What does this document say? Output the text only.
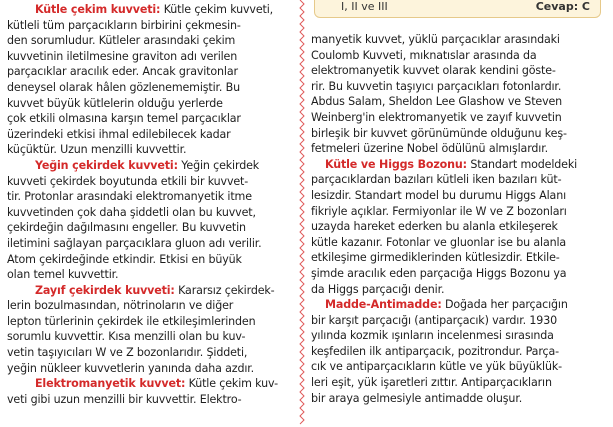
I, II ve III	Cevap: C
Kütle çekim kuvveti: Kütle çekim kuvveti,
kütleli tüm parçacıkların birbirini çekmesin-
den sorumludur. Kütleler arasındaki çekim
kuvvetinin iletilmesine graviton adı verilen
parçacıklar aracılık eder. Ancak gravitonlar
deneysel olarak hâlen gözlenememiştir. Bu
kuvvet büyük kütlelerin olduğu yerlerde
çok etkili olmasına karşın temel parçacıklar
üzerindeki etkisi ihmal edilebilecek kadar
küçüktür. Uzun menzilli kuvvettir.
Yeğin çekirdek kuvveti: Yeğin çekirdek
kuvveti çekirdek boyutunda etkili bir kuvvet-
tir. Protonlar arasındaki elektromanyetik itme
kuvvetinden çok daha şiddetli olan bu kuvvet,
çekirdeğin dağılmasını engeller. Bu kuvvetin
iletimini sağlayan parçacıklara gluon adı verilir.
Atom çekirdeğinde etkindir. Etkisi en büyük
olan temel kuvvettir.
Zayıf çekirdek kuvveti: Kararsız çekirdek-
lerin bozulmasından, nötrinoların ve diğer
lepton türlerinin çekirdek ile etkileşimlerinden
sorumlu kuvvettir. Kısa menzilli olan bu kuv-
vetin taşıyıcıları W ve Z bozonlarıdır. Şiddeti,
yeğin nükleer kuvvetlerin yanında daha azdır.
Elektromanyetik kuvvet: Kütle çekim kuv-
veti gibi uzun menzilli bir kuvvettir. Elektro-
manyetik kuvvet, yüklü parçacıklar arasındaki
Coulomb Kuvveti, mıknatıslar arasında da
elektromanyetik kuvvet olarak kendini göste-
rir. Bu kuvvetin taşıyıcı parçacıkları fotonlardır.
Abdus Salam, Sheldon Lee Glashow ve Steven
Weinberg'in elektromanyetik ve zayıf kuvvetin
birleşik bir kuvvet görünümünde olduğunu keş-
fetmeleri üzerine Nobel ödülünü almışlardır.
Kütle ve Higgs Bozonu: Standart modeldeki
parçacıklardan bazıları kütleli iken bazıları küt-
lesizdir. Standart model bu durumu Higgs Alanı
fikriyle açıklar. Fermiyonlar ile W ve Z bozonları
uzayda hareket ederken bu alanla etkileşerek
kütle kazanır. Fotonlar ve gluonlar ise bu alanla
etkileşime girmediklerinden kütlesizdir. Etkile-
şimde aracılık eden parçacığa Higgs Bozonu ya
da Higgs parçacığı denir.
Madde-Antimadde: Doğada her parçacığın
bir karşıt parçacığı (antiparçacık) vardır. 1930
yılında kozmik ışınların incelenmesi sırasında
keşfedilen ilk antiparçacık, pozitrondur. Parça-
cık ve antiparçacıkların kütle ve yük büyüklük-
leri eşit, yük işaretleri zıttır. Antiparçacıkların
bir araya gelmesiyle antimadde oluşur.
